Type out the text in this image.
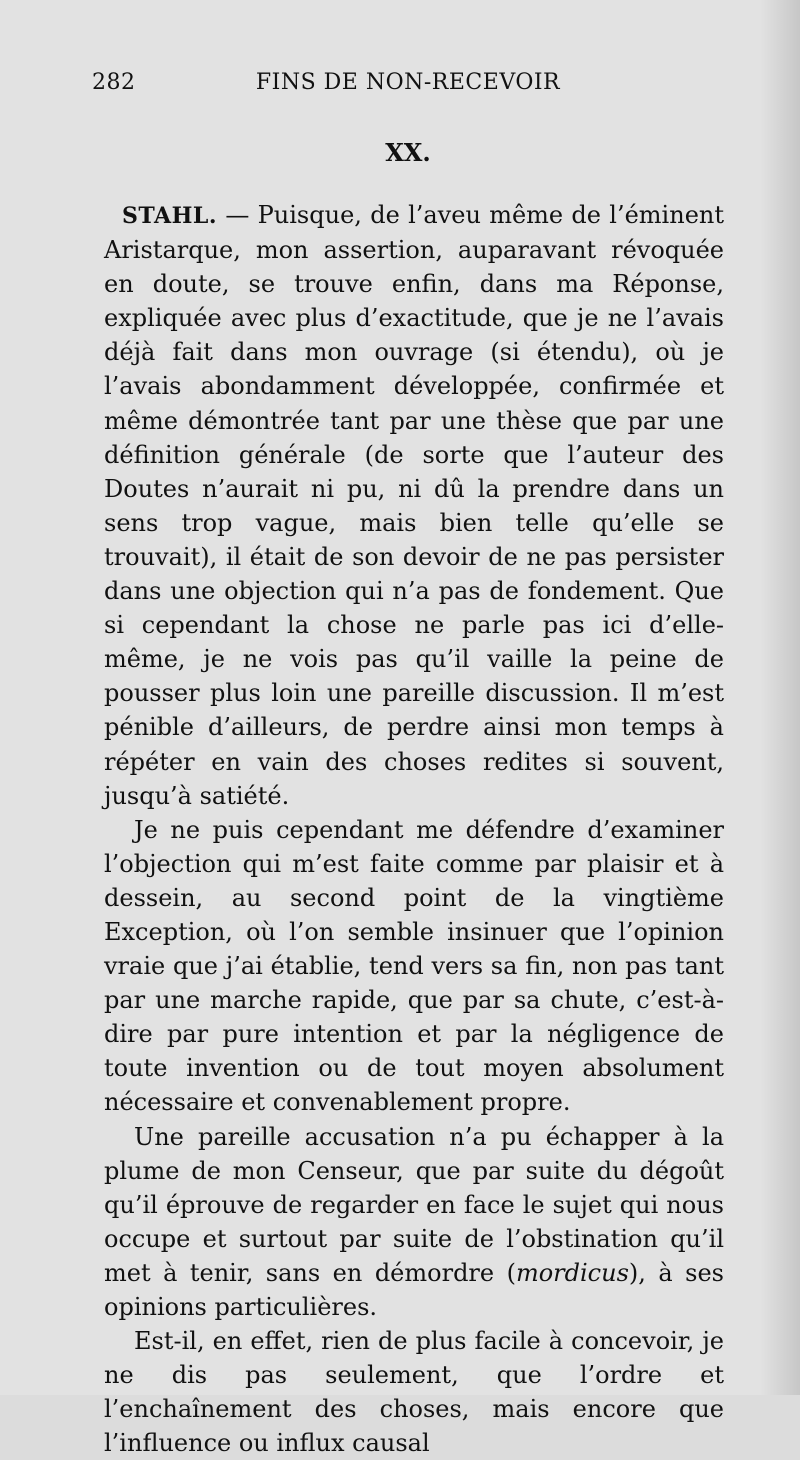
282	FINS DE NON-RECEVOIR
XX.

STAHL. — Puisque, de l’aveu même de l’éminent Aristarque, mon assertion, auparavant révoquée en doute, se trouve enfin, dans ma Réponse, expliquée avec plus d’exactitude, que je ne l’avais déjà fait dans mon ouvrage (si étendu), où je l’avais abondamment développée, confirmée et même démontrée tant par une thèse que par une définition générale (de sorte que l’auteur des Doutes n’aurait ni pu, ni dû la prendre dans un sens trop vague, mais bien telle qu’elle se trouvait), il était de son devoir de ne pas persister dans une objection qui n’a pas de fondement. Que si cependant la chose ne parle pas ici d’elle-même, je ne vois pas qu’il vaille la peine de pousser plus loin une pareille discussion. Il m’est pénible d’ailleurs, de perdre ainsi mon temps à répéter en vain des choses redites si souvent, jusqu’à satiété.

Je ne puis cependant me défendre d’examiner l’objection qui m’est faite comme par plaisir et à dessein, au second point de la vingtième Exception, où l’on semble insinuer que l’opinion vraie que j’ai établie, tend vers sa fin, non pas tant par une marche rapide, que par sa chute, c’est-à-dire par pure intention et par la négligence de toute invention ou de tout moyen absolument nécessaire et convenablement propre.

Une pareille accusation n’a pu échapper à la plume de mon Censeur, que par suite du dégoût qu’il éprouve de regarder en face le sujet qui nous occupe et surtout par suite de l’obstination qu’il met à tenir, sans en démordre (mordicus), à ses opinions particulières.

Est-il, en effet, rien de plus facile à concevoir, je ne dis pas seulement, que l’ordre et l’enchaînement des choses, mais encore que l’influence ou influx causal
